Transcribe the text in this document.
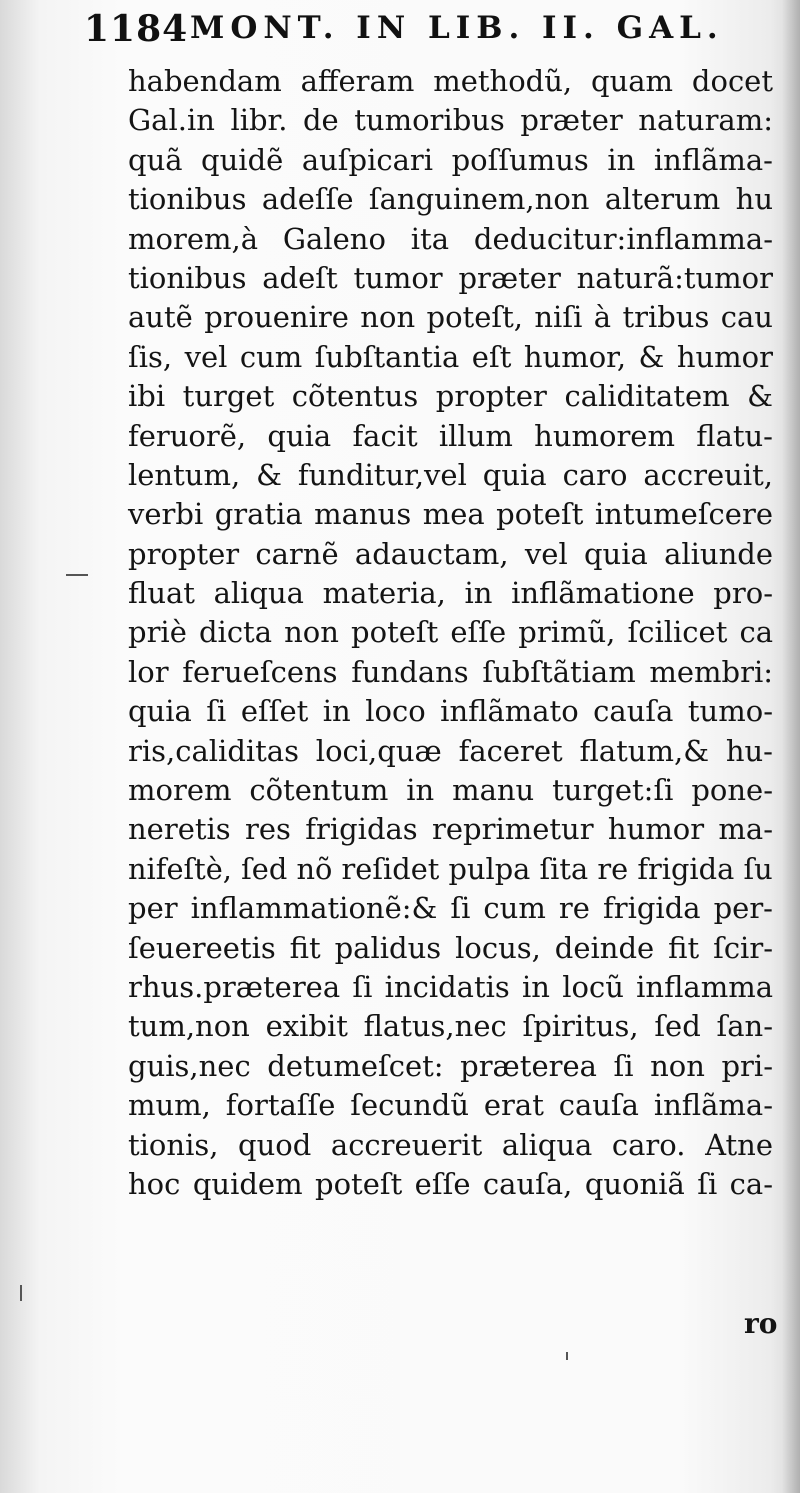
1184 MONT. IN LIB. II. GAL.
habendam afferam methodũ, quam docet
Gal.in libr. de tumoribus præter naturam:
quã quidẽ auſpicari poſſumus in inflãma-
tionibus adeſſe ſanguinem,non alterum hu
morem,à Galeno ita deducitur:inflamma-
tionibus adeſt tumor præter naturã:tumor
autẽ prouenire non poteſt, niſi à tribus cau
ſis, vel cum ſubſtantia eſt humor, & humor
ibi turget cõtentus propter caliditatem &
feruorẽ, quia facit illum humorem flatu-
lentum, & funditur,vel quia caro accreuit,
verbi gratia manus mea poteſt intumeſcere
propter carnẽ adauctam, vel quia aliunde
fluat aliqua materia, in inflãmatione pro-
priè dicta non poteſt eſſe primũ, ſcilicet ca
lor ferueſcens fundans ſubſtãtiam membri:
quia ſi eſſet in loco inflãmato cauſa tumo-
ris,caliditas loci,quæ faceret flatum,& hu-
morem cõtentum in manu turget:ſi pone-
neretis res frigidas reprimetur humor ma-
nifeſtè, ſed nõ reſidet pulpa ſita re frigida ſu
per inflammationẽ:& ſi cum re frigida per-
ſeuereetis fit palidus locus, deinde fit ſcir-
rhus.præterea ſi incidatis in locũ inflamma
tum,non exibit flatus,nec ſpiritus, ſed ſan-
guis,nec detumeſcet: præterea ſi non pri-
mum, fortaſſe ſecundũ erat cauſa inflãma-
tionis, quod accreuerit aliqua caro. Atne
hoc quidem poteſt eſſe cauſa, quoniã ſi ca-
ro
